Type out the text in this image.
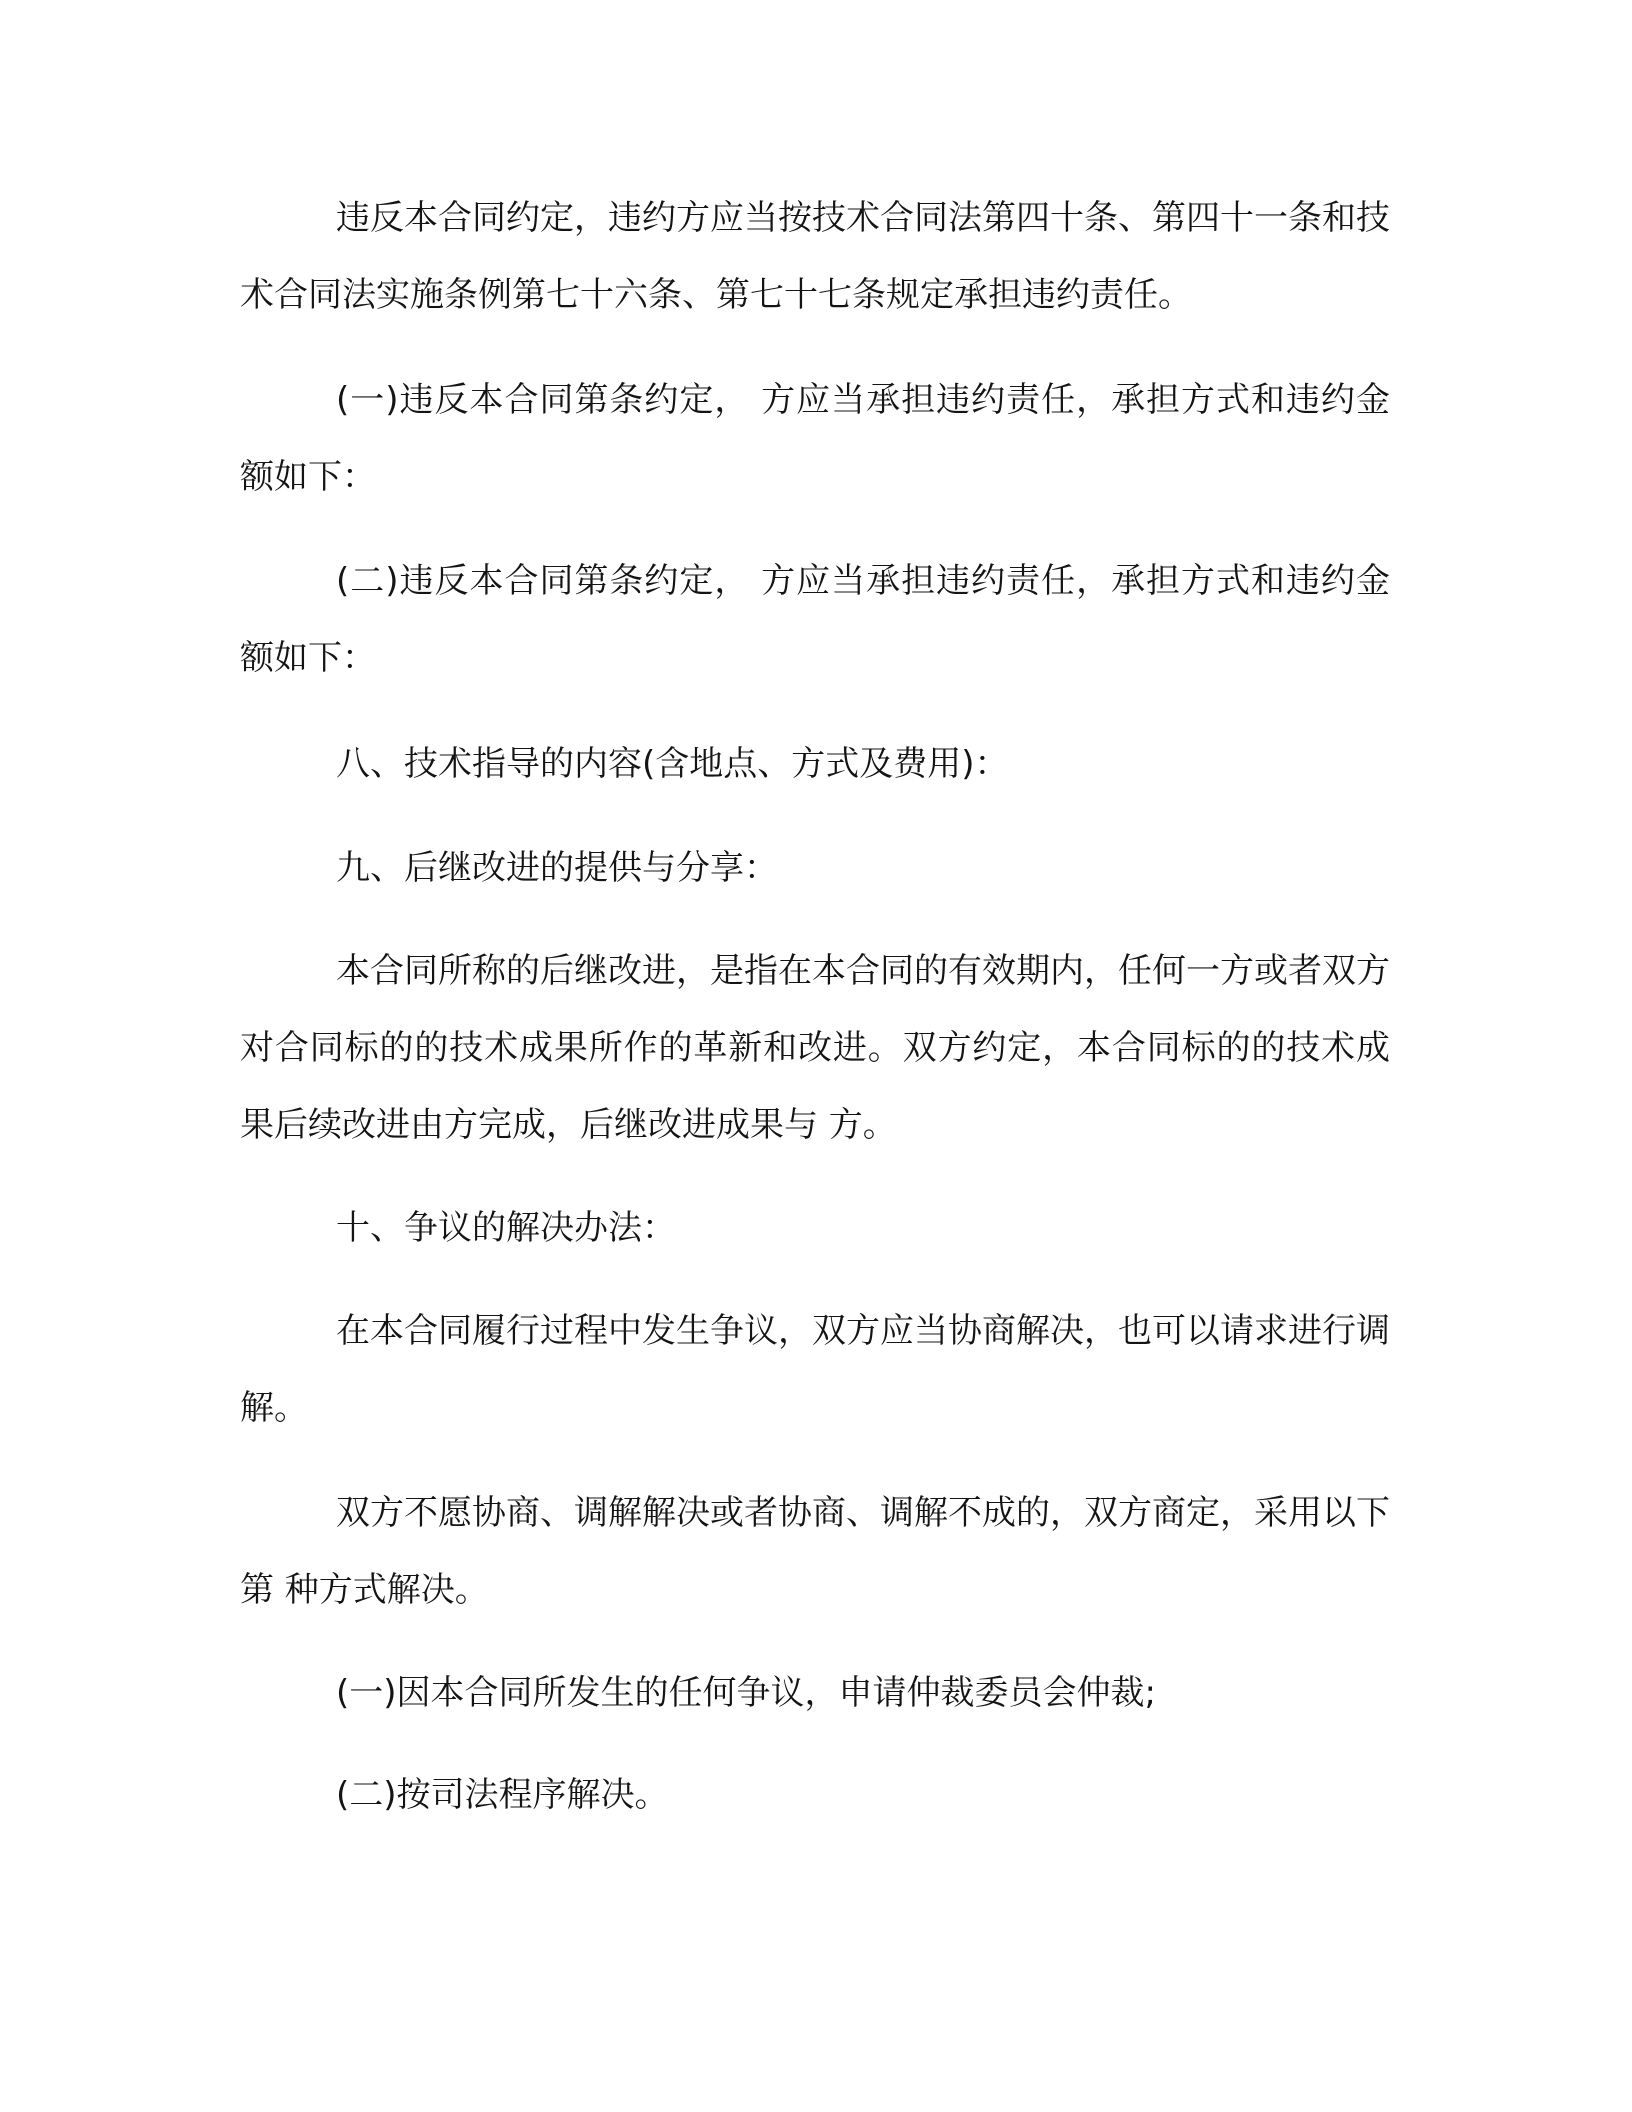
违反本合同约定，违约方应当按技术合同法第四十条、第四十一条和技术合同法实施条例第七十六条、第七十七条规定承担违约责任。

(一)违反本合同第条约定， 方应当承担违约责任，承担方式和违约金额如下：

(二)违反本合同第条约定， 方应当承担违约责任，承担方式和违约金额如下：

八、技术指导的内容(含地点、方式及费用)：

九、后继改进的提供与分享：

本合同所称的后继改进，是指在本合同的有效期内，任何一方或者双方对合同标的的技术成果所作的革新和改进。双方约定，本合同标的的技术成果后续改进由方完成，后继改进成果与 方。

十、争议的解决办法：

在本合同履行过程中发生争议，双方应当协商解决，也可以请求进行调解。

双方不愿协商、调解解决或者协商、调解不成的，双方商定，采用以下第 种方式解决。

(一)因本合同所发生的任何争议，申请仲裁委员会仲裁;

(二)按司法程序解决。
